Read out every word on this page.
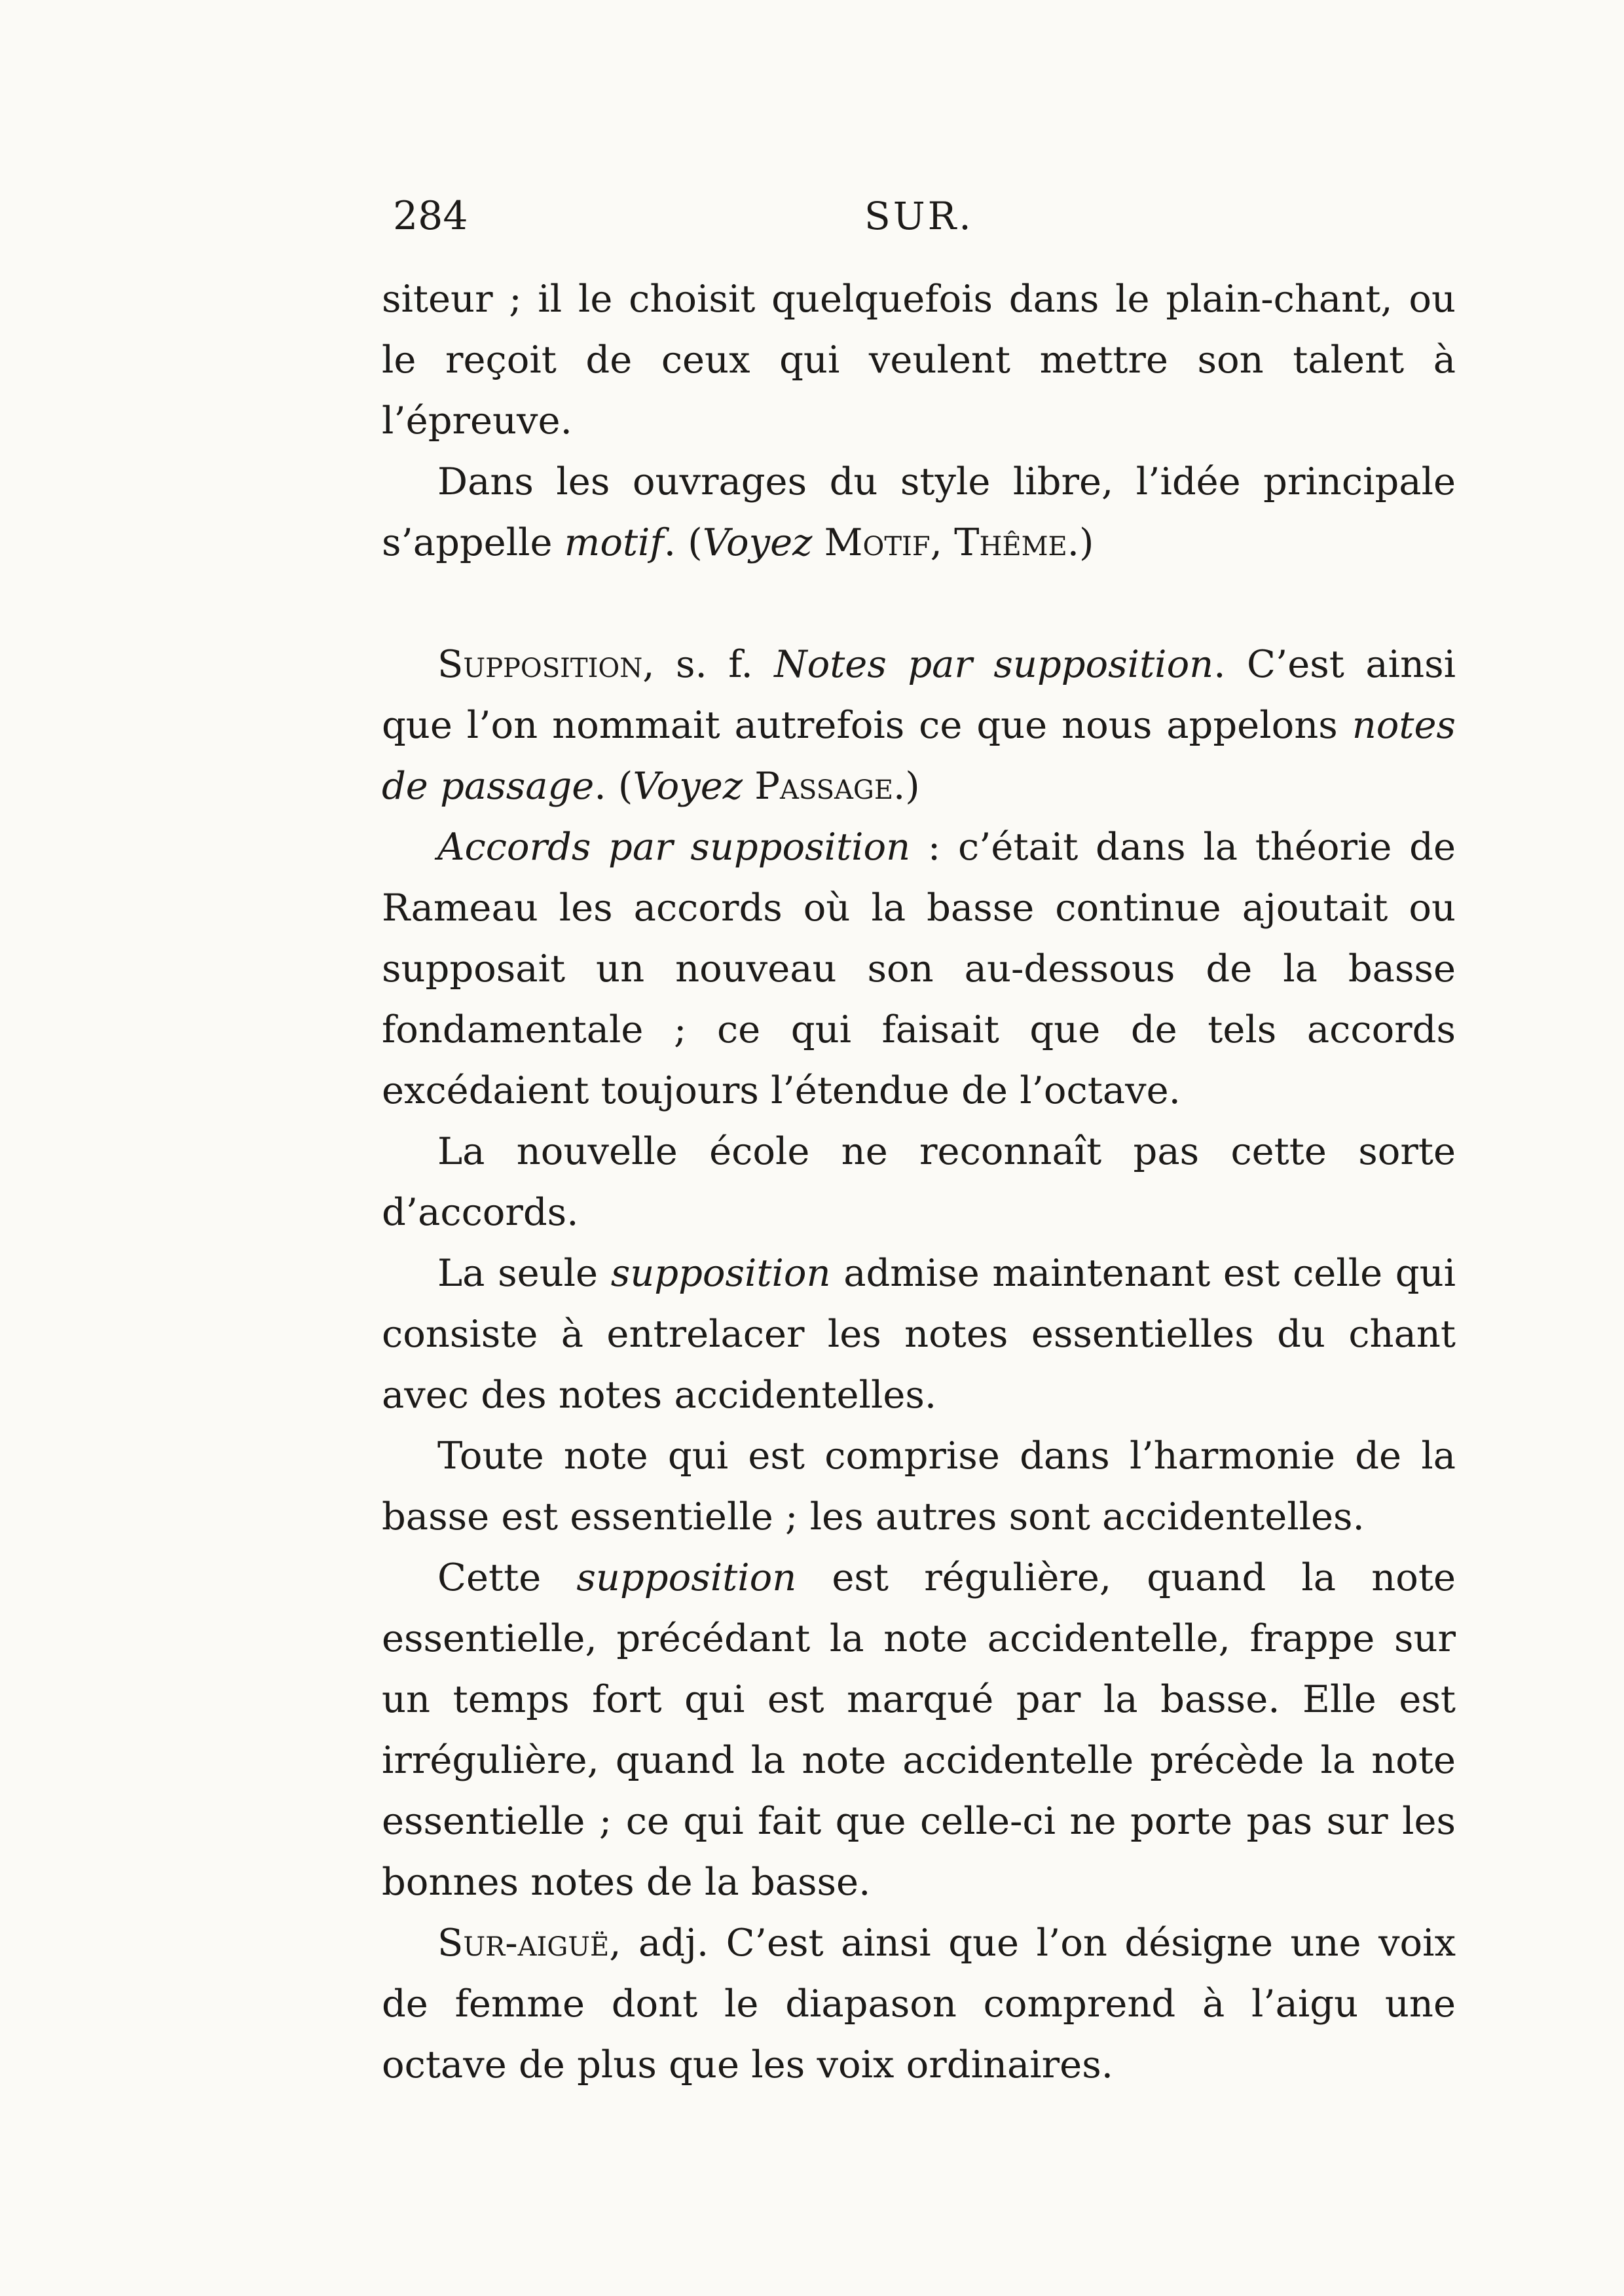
284	SUR.

siteur ; il le choisit quelquefois dans le plain-chant, ou le reçoit de ceux qui veulent mettre son talent à l’épreuve.

Dans les ouvrages du style libre, l’idée principale s’appelle motif. (Voyez Motif, Thême.)

Supposition, s. f. Notes par supposition. C’est ainsi que l’on nommait autrefois ce que nous appelons notes de passage. (Voyez Passage.)

Accords par supposition : c’était dans la théorie de Rameau les accords où la basse continue ajoutait ou supposait un nouveau son au-dessous de la basse fondamentale ; ce qui faisait que de tels accords excédaient toujours l’étendue de l’octave.

La nouvelle école ne reconnaît pas cette sorte d’accords.

La seule supposition admise maintenant est celle qui consiste à entrelacer les notes essentielles du chant avec des notes accidentelles.

Toute note qui est comprise dans l’harmonie de la basse est essentielle ; les autres sont accidentelles.

Cette supposition est régulière, quand la note essentielle, précédant la note accidentelle, frappe sur un temps fort qui est marqué par la basse. Elle est irrégulière, quand la note accidentelle précède la note essentielle ; ce qui fait que celle-ci ne porte pas sur les bonnes notes de la basse.

Sur-aiguë, adj. C’est ainsi que l’on désigne une voix de femme dont le diapason comprend à l’aigu une octave de plus que les voix ordinaires.
